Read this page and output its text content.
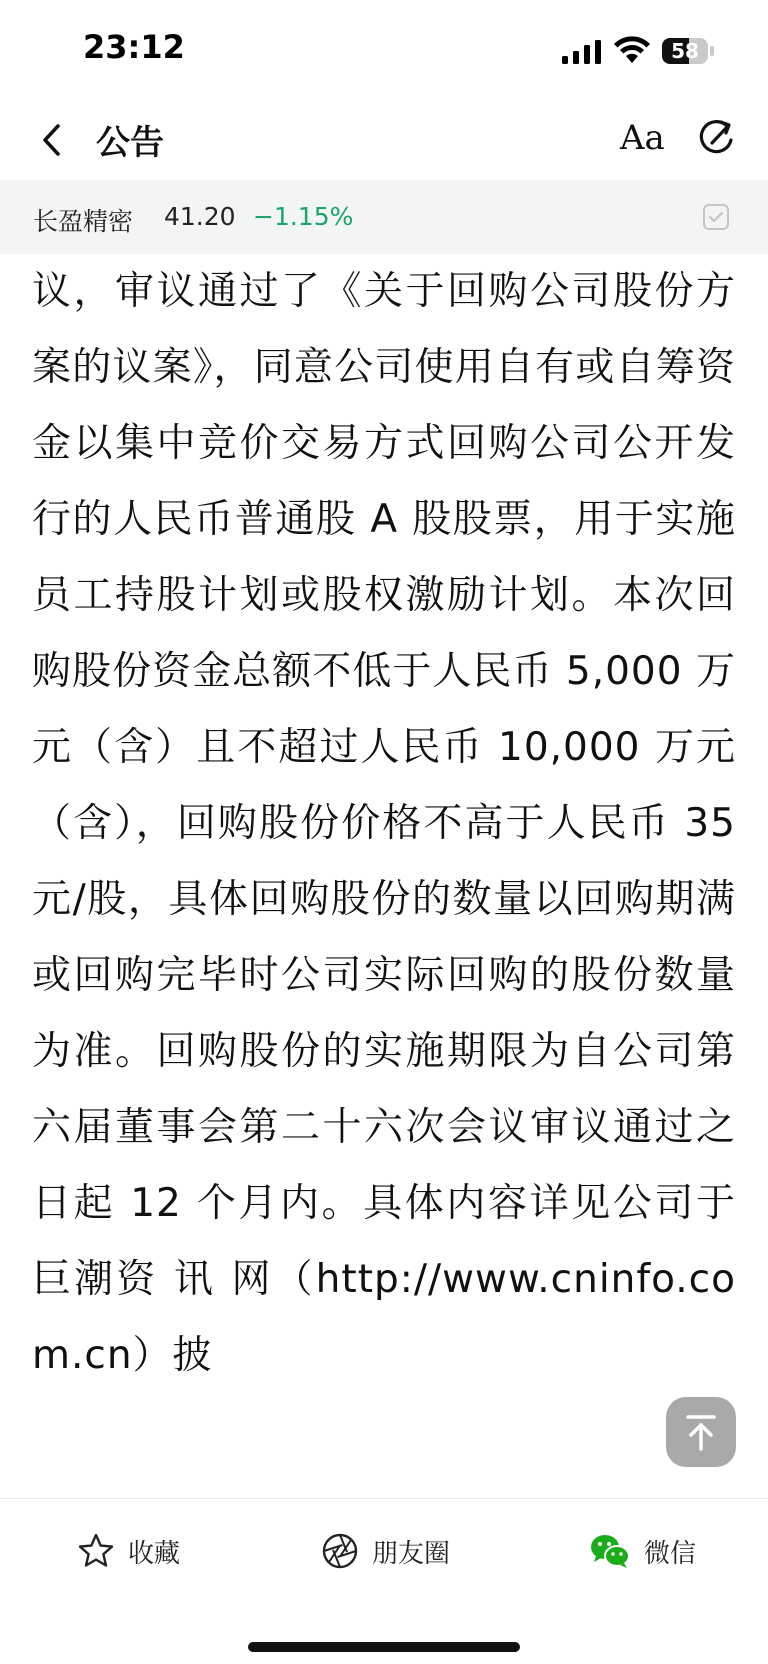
23:12	58
公告	Aa
长盈精密 41.20 −1.15%

议，审议通过了《关于回购公司股份方案的议案》，同意公司使用自有或自筹资金以集中竞价交易方式回购公司公开发行的人民币普通股 A 股股票，用于实施员工持股计划或股权激励计划。本次回购股份资金总额不低于人民币 5,000 万元（含）且不超过人民币 10,000 万元（含），回购股份价格不高于人民币 35 元/股，具体回购股份的数量以回购期满或回购完毕时公司实际回购的股份数量为准。回购股份的实施期限为自公司第六届董事会第二十六次会议审议通过之日起 12 个月内。具体内容详见公司于巨潮资 讯 网（http://www.cninfo.com.cn）披

收藏	朋友圈	微信
